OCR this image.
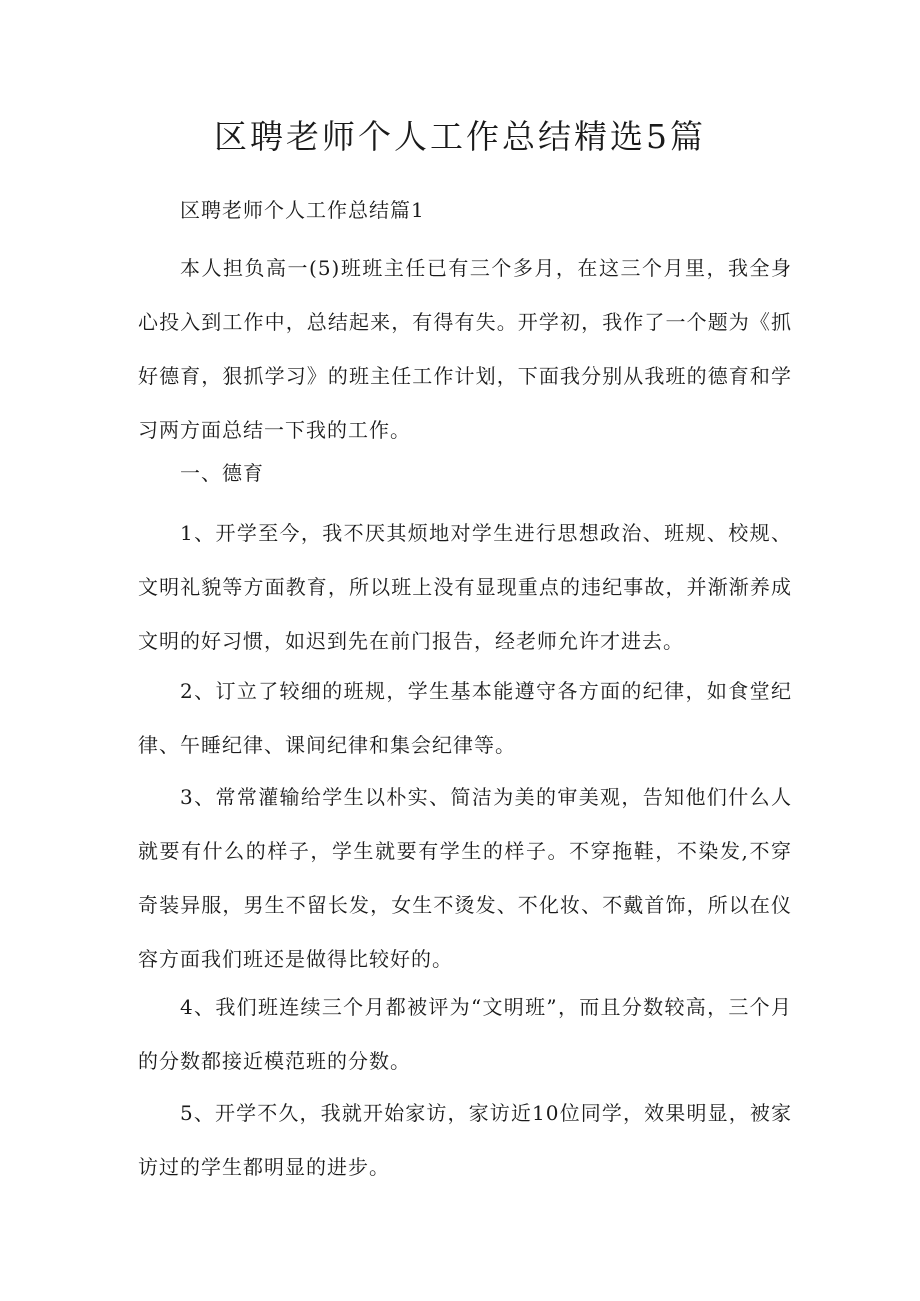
区聘老师个人工作总结精选5篇

区聘老师个人工作总结篇1

本人担负高一(5)班班主任已有三个多月，在这三个月里，我全身心投入到工作中，总结起来，有得有失。开学初，我作了一个题为《抓好德育，狠抓学习》的班主任工作计划，下面我分别从我班的德育和学习两方面总结一下我的工作。

一、德育

1、开学至今，我不厌其烦地对学生进行思想政治、班规、校规、文明礼貌等方面教育，所以班上没有显现重点的违纪事故，并渐渐养成文明的好习惯，如迟到先在前门报告，经老师允许才进去。

2、订立了较细的班规，学生基本能遵守各方面的纪律，如食堂纪律、午睡纪律、课间纪律和集会纪律等。

3、常常灌输给学生以朴实、简洁为美的审美观，告知他们什么人就要有什么的样子，学生就要有学生的样子。不穿拖鞋，不染发,不穿奇装异服，男生不留长发，女生不烫发、不化妆、不戴首饰，所以在仪容方面我们班还是做得比较好的。

4、我们班连续三个月都被评为“文明班”，而且分数较高，三个月的分数都接近模范班的分数。

5、开学不久，我就开始家访，家访近10位同学，效果明显，被家访过的学生都明显的进步。
